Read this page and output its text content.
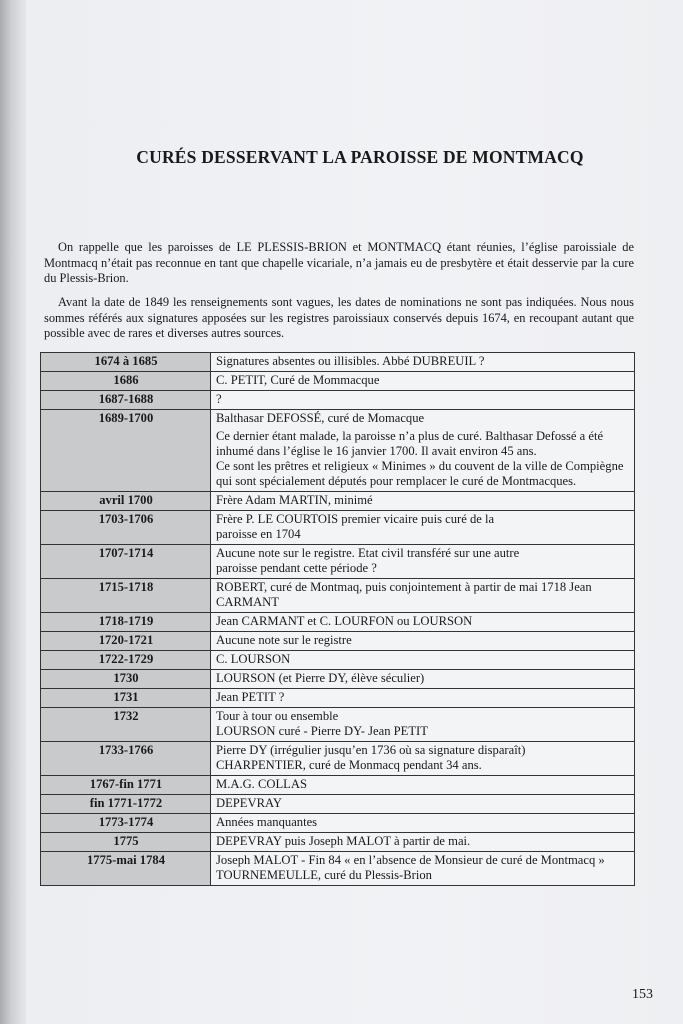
CURÉS DESSERVANT LA PAROISSE DE MONTMACQ

On rappelle que les paroisses de LE PLESSIS-BRION et MONTMACQ étant réunies, l’église paroissiale de Montmacq n’était pas reconnue en tant que chapelle vicariale, n’a jamais eu de presbytère et était desservie par la cure du Plessis-Brion.

Avant la date de 1849 les renseignements sont vagues, les dates de nominations ne sont pas indiquées. Nous nous sommes référés aux signatures apposées sur les registres paroissiaux conservés depuis 1674, en recoupant autant que possible avec de rares et diverses autres sources.

1674 à 1685	Signatures absentes ou illisibles. Abbé DUBREUIL ?

1686	C. PETIT, Curé de Mommacque

1687-1688	?

1689-1700	Balthasar DEFOSSÉ, curé de Momacque
Ce dernier étant malade, la paroisse n’a plus de curé. Balthasar Defossé a été inhumé dans l’église le 16 janvier 1700. Il avait environ 45 ans.
Ce sont les prêtres et religieux « Minimes » du couvent de la ville de Compiègne qui sont spécialement députés pour remplacer le curé de Montmacques.

avril 1700	Frère Adam MARTIN, minimé

1703-1706	Frère P. LE COURTOIS premier vicaire puis curé de la
paroisse en 1704

1707-1714	Aucune note sur le registre. Etat civil transféré sur une autre
paroisse pendant cette période ?

1715-1718	ROBERT, curé de Montmaq, puis conjointement à partir de mai 1718 Jean CARMANT

1718-1719	Jean CARMANT et C. LOURFON ou LOURSON

1720-1721	Aucune note sur le registre

1722-1729	C. LOURSON

1730	LOURSON (et Pierre DY, élève séculier)

1731	Jean PETIT ?

1732	Tour à tour ou ensemble
LOURSON curé - Pierre DY- Jean PETIT

1733-1766	Pierre DY (irrégulier jusqu’en 1736 où sa signature disparaît)
CHARPENTIER, curé de Monmacq pendant 34 ans.

1767-fin 1771	M.A.G. COLLAS

fin 1771-1772	DEPEVRAY

1773-1774	Années manquantes

1775	DEPEVRAY puis Joseph MALOT à partir de mai.

1775-mai 1784	Joseph MALOT - Fin 84 « en l’absence de Monsieur de curé de Montmacq » TOURNEMEULLE, curé du Plessis-Brion
153
